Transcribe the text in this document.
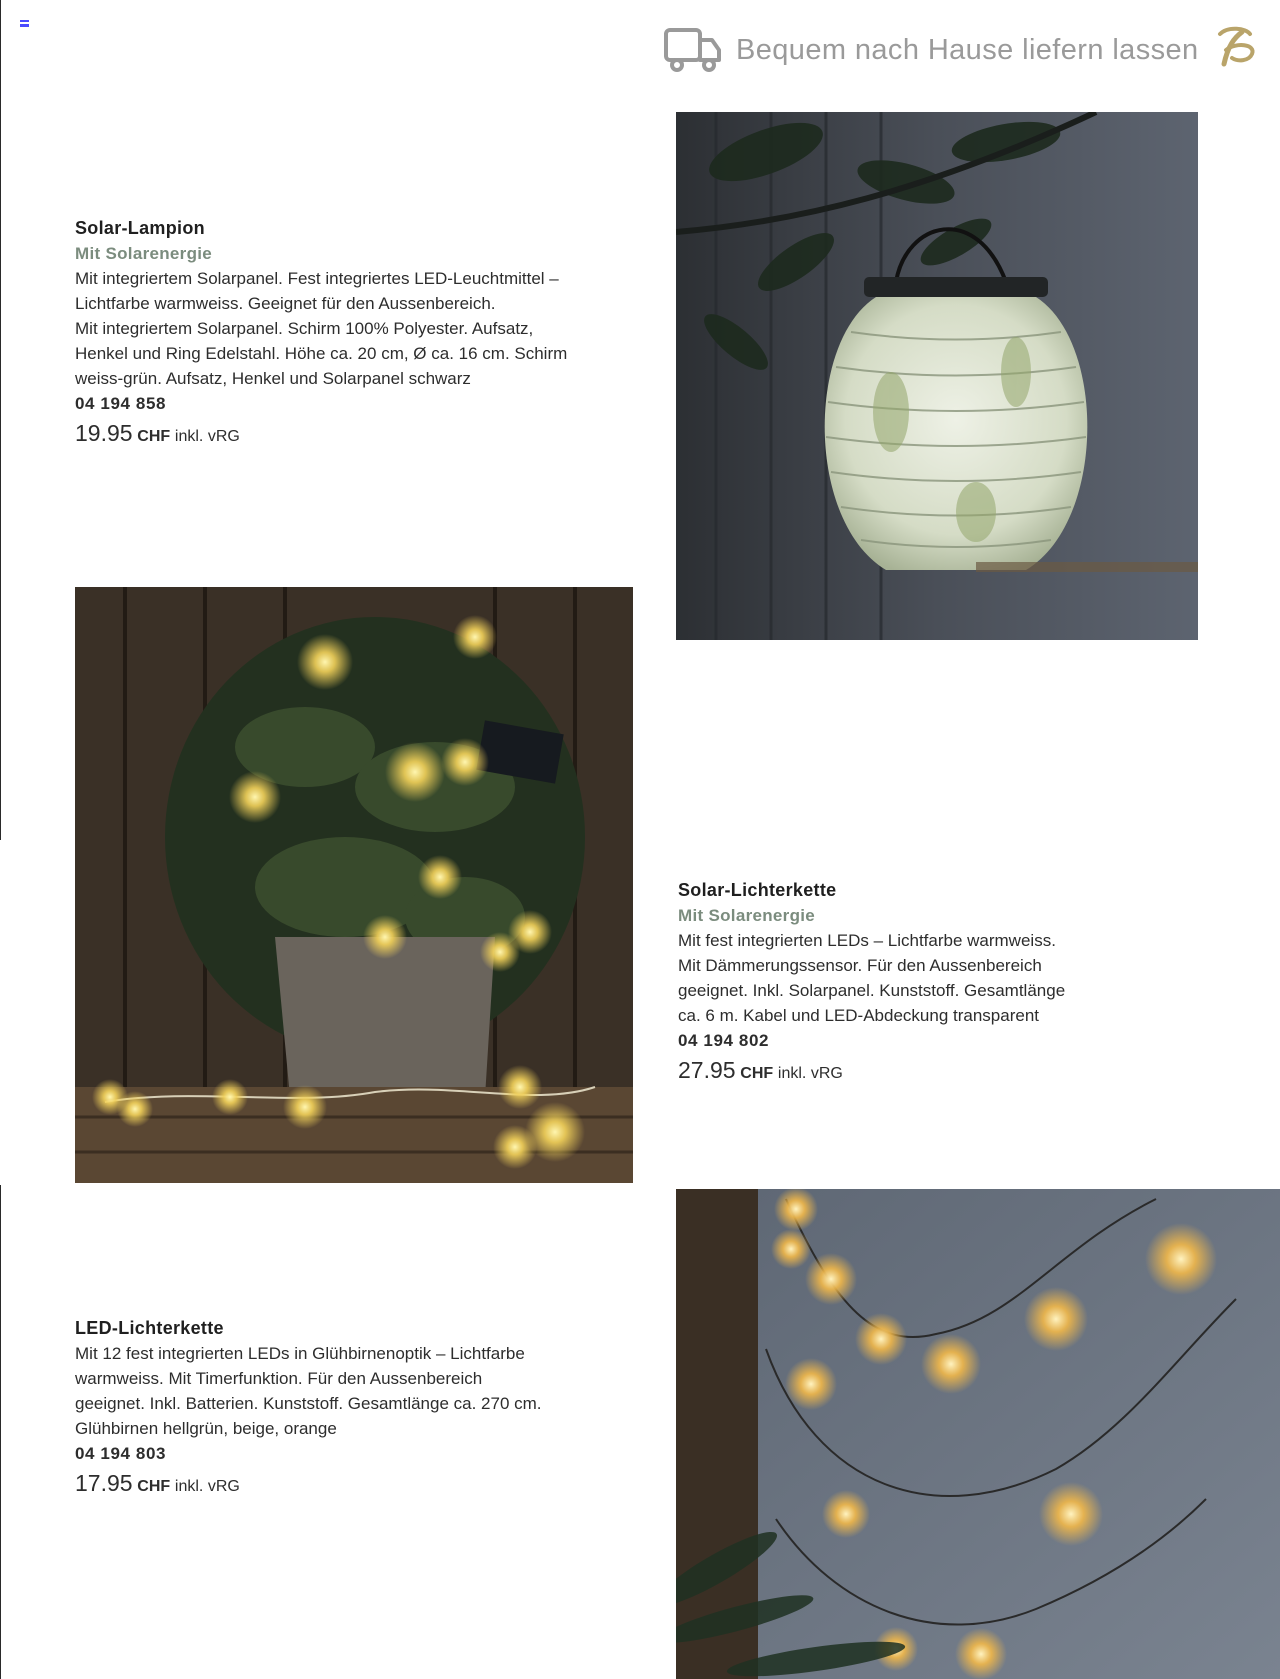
Bequem nach Hause liefern lassen
Solar-Lampion
Mit Solarenergie
Mit integriertem Solarpanel. Fest integriertes LED-Leuchtmittel –
Lichtfarbe warmweiss. Geeignet für den Aussenbereich.
Mit integriertem Solarpanel. Schirm 100% Polyester. Aufsatz,
Henkel und Ring Edelstahl. Höhe ca. 20 cm, Ø ca. 16 cm. Schirm
weiss-grün. Aufsatz, Henkel und Solarpanel schwarz
04 194 858
19.95 CHF inkl. vRG
Solar-Lichterkette
Mit Solarenergie
Mit fest integrierten LEDs – Lichtfarbe warmweiss.
Mit Dämmerungssensor. Für den Aussenbereich
geeignet. Inkl. Solarpanel. Kunststoff. Gesamtlänge
ca. 6 m. Kabel und LED-Abdeckung transparent
04 194 802
27.95 CHF inkl. vRG
LED-Lichterkette
Mit 12 fest integrierten LEDs in Glühbirnenoptik – Lichtfarbe
warmweiss. Mit Timerfunktion. Für den Aussenbereich
geeignet. Inkl. Batterien. Kunststoff. Gesamtlänge ca. 270 cm.
Glühbirnen hellgrün, beige, orange
04 194 803
17.95 CHF inkl. vRG
